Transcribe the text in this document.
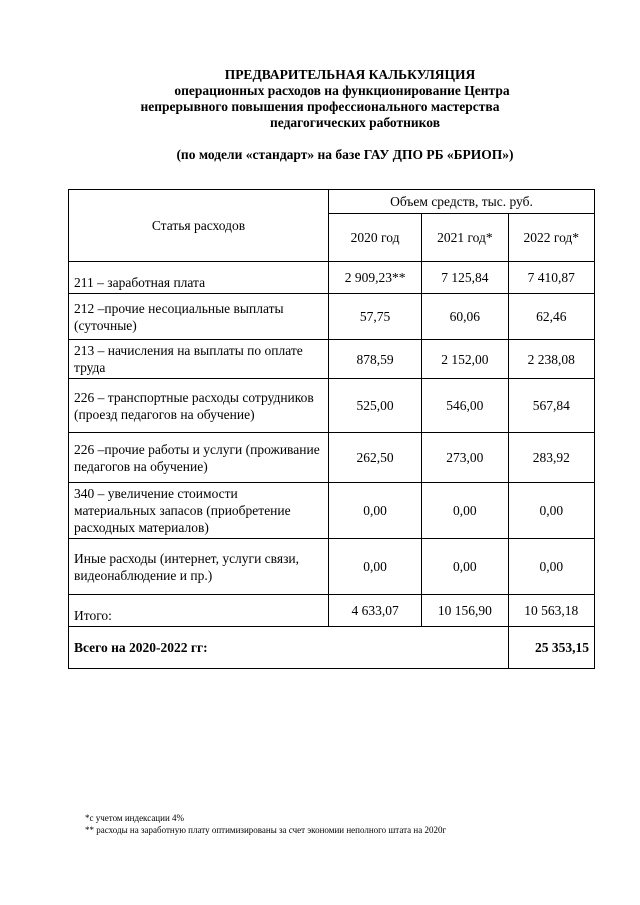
ПРЕДВАРИТЕЛЬНАЯ КАЛЬКУЛЯЦИЯ
операционных расходов на функционирование Центра
непрерывного повышения профессионального мастерства
педагогических работников
(по модели «стандарт» на базе ГАУ ДПО РБ «БРИОП»)
Статья расходов	Объем средств, тыс. руб.		
	2020 год	2021 год*	2022 год*
211 – заработная плата	2 909,23**	7 125,84	7 410,87
212 –прочие несоциальные выплаты (суточные)	57,75	60,06	62,46
213 – начисления на выплаты по оплате труда	878,59	2 152,00	2 238,08
226 – транспортные расходы сотрудников (проезд педагогов на обучение)	525,00	546,00	567,84
226 –прочие работы и услуги (проживание педагогов на обучение)	262,50	273,00	283,92
340 – увеличение стоимости материальных запасов (приобретение расходных материалов)	0,00	0,00	0,00
Иные расходы (интернет, услуги связи, видеонаблюдение и пр.)	0,00	0,00	0,00
Итого:	4 633,07	10 156,90	10 563,18
Всего на 2020-2022 гг:			25 353,15
*с учетом индексации 4%
** расходы на заработную плату оптимизированы за счет экономии неполного штата на 2020г
